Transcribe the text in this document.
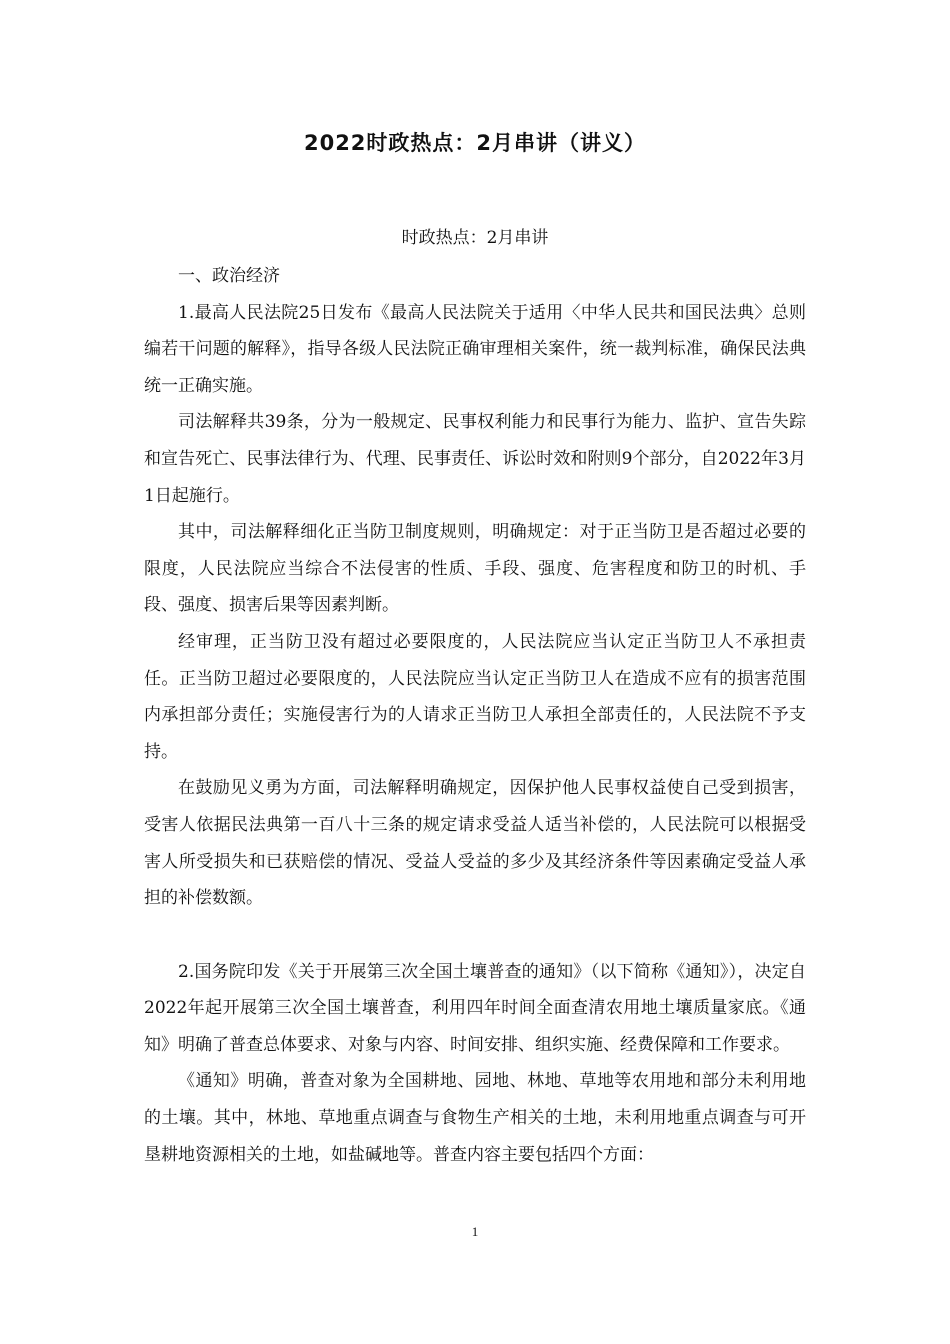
2022时政热点：2月串讲（讲义）

时政热点：2月串讲

一、政治经济

1.最高人民法院25日发布《最高人民法院关于适用〈中华人民共和国民法典〉总则编若干问题的解释》，指导各级人民法院正确审理相关案件，统一裁判标准，确保民法典统一正确实施。

司法解释共39条，分为一般规定、民事权利能力和民事行为能力、监护、宣告失踪和宣告死亡、民事法律行为、代理、民事责任、诉讼时效和附则9个部分，自2022年3月1日起施行。

其中，司法解释细化正当防卫制度规则，明确规定：对于正当防卫是否超过必要的限度，人民法院应当综合不法侵害的性质、手段、强度、危害程度和防卫的时机、手段、强度、损害后果等因素判断。

经审理，正当防卫没有超过必要限度的，人民法院应当认定正当防卫人不承担责任。正当防卫超过必要限度的，人民法院应当认定正当防卫人在造成不应有的损害范围内承担部分责任；实施侵害行为的人请求正当防卫人承担全部责任的，人民法院不予支持。

在鼓励见义勇为方面，司法解释明确规定，因保护他人民事权益使自己受到损害，受害人依据民法典第一百八十三条的规定请求受益人适当补偿的，人民法院可以根据受害人所受损失和已获赔偿的情况、受益人受益的多少及其经济条件等因素确定受益人承担的补偿数额。

2.国务院印发《关于开展第三次全国土壤普查的通知》（以下简称《通知》），决定自2022年起开展第三次全国土壤普查，利用四年时间全面查清农用地土壤质量家底。《通知》明确了普查总体要求、对象与内容、时间安排、组织实施、经费保障和工作要求。

《通知》明确，普查对象为全国耕地、园地、林地、草地等农用地和部分未利用地的土壤。其中，林地、草地重点调查与食物生产相关的土地，未利用地重点调查与可开垦耕地资源相关的土地，如盐碱地等。普查内容主要包括四个方面：

1
